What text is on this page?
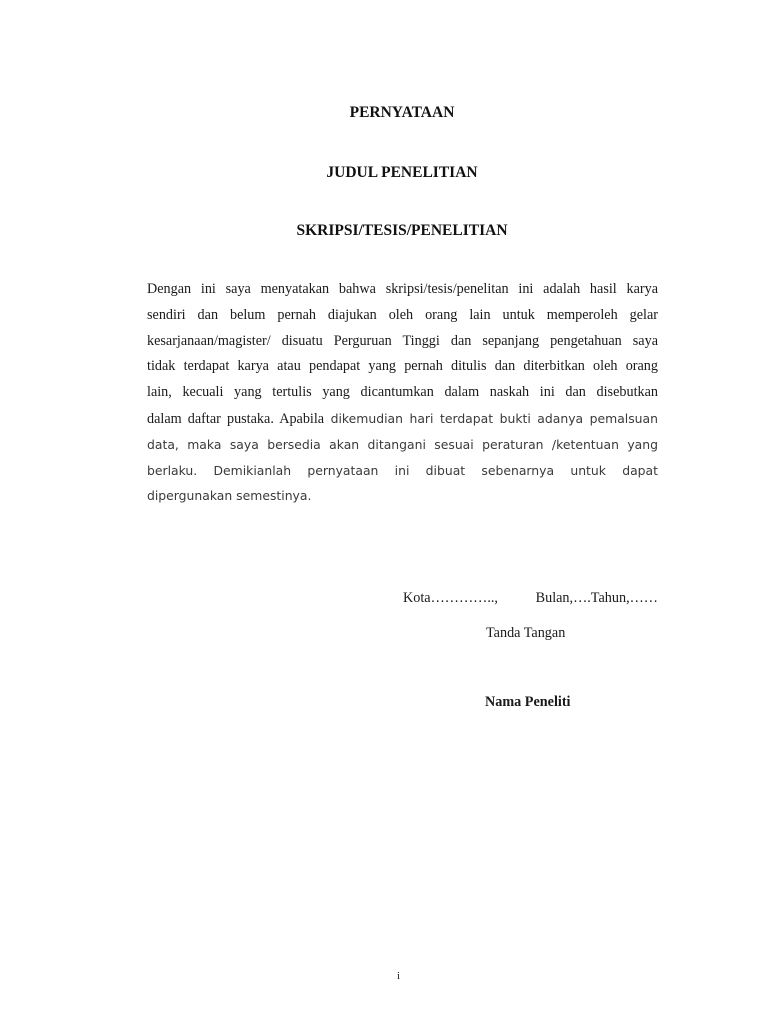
PERNYATAAN
JUDUL PENELITIAN
SKRIPSI/TESIS/PENELITIAN
Dengan ini saya menyatakan bahwa skripsi/tesis/penelitan ini adalah hasil karya
sendiri dan belum pernah diajukan oleh orang lain untuk memperoleh gelar
kesarjanaan/magister/ disuatu Perguruan Tinggi dan sepanjang pengetahuan saya
tidak terdapat karya atau pendapat yang pernah ditulis dan diterbitkan oleh orang
lain, kecuali yang tertulis yang dicantumkan dalam naskah ini dan disebutkan
dalam daftar pustaka. Apabila dikemudian hari terdapat bukti adanya pemalsuan
data, maka saya bersedia akan ditangani sesuai peraturan /ketentuan yang
berlaku. Demikianlah pernyataan ini dibuat sebenarnya untuk dapat
dipergunakan semestinya.
Kota…………..,	Bulan,….Tahun,……
Tanda Tangan
Nama Peneliti
i
